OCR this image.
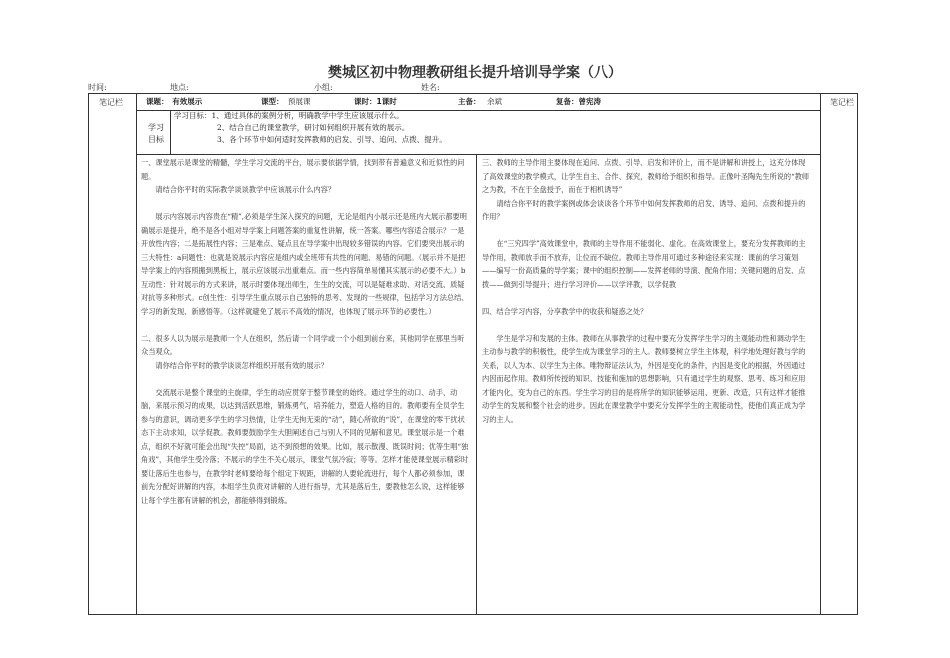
樊城区初中物理教研组长提升培训导学案（八）
时间:	地点:	小组:	姓名:
笔记栏	笔记栏
课题：　有效展示	课型： 预展课	课时：1课时	主备： 余斌	复备：曾宪涛
学习目标
学习目标：1、通过具体的案例分析，明确教学中学生应该展示什么。
2、结合自己的课堂教学，研讨如何组织开展有效的展示。
3、各个环节中如何适时发挥教师的启发、引导、追问、点拨、提升。

一、课堂展示是课堂的精髓，学生学习交流的平台，展示要依据学情，找到带有普遍意义和近似性的问题。

请结合你平时的实际教学谈谈教学中应该展示什么内容？

展示内容展示内容贵在“精”,必须是学生深入探究的问题，无论是组内小展示还是班内大展示都要明确展示是提升，绝不是各小组对导学案上问题答案的重复性讲解，统一答案。哪些内容适合展示？一是开放性内容；二是拓展性内容；三是难点、疑点且在导学案中出现较多错误的内容。它们要突出展示的三大特性：a问题性：也就是说展示内容应是组内或全班带有共性的问题、易错的问题。（展示并不是把导学案上的内容照搬到黑板上，展示应该展示出重难点。而一些内容简单易懂其实展示的必要不大。）b互动性：针对展示的方式来讲，展示时要体现出师生，生生的交流，可以是疑难求助、对话交流、质疑对抗等多种形式。c创生性：引导学生重点展示自己独特的思考、发现的一些规律，包括学习方法总结、学习的新发现、新感悟等。（这样就避免了展示不高效的情况，也体现了展示环节的必要性。）

二、很多人以为展示是教师一个人在组织，然后请一个同学或一个小组到前台来，其他同学在那里当听众当观众。

请你结合你平时的教学谈谈怎样组织开展有效的展示？

交流展示是整个课堂的主旋律，学生的动应贯穿于整节课堂的始终。通过学生的动口、动手、动脑，来展示预习的成果，以达到活跃思维，锻炼勇气，培养能力，塑造人格的目的。教师要有全员学生参与的意识，调动更多学生的学习热情，让学生无拘无束的“动”，随心所欲的“说”，在课堂的零干扰状态下主动求知，以学促教。教师要鼓励学生大胆阐述自己与别人不同的见解和意见。课堂展示是一个难点，组织不好就可能会出现“失控”局面，达不到预想的效果。比如，展示散漫、既误时间；优等生唱“独角戏”，其他学生受冷落；不展示的学生不关心展示，课堂气氛冷寂；等等。怎样才能使课堂展示精彩时要让落后生也参与，在教学时老师要给每个组定下规距，讲解的人要轮流进行，每个人都必须参加，课前先分配好讲解的内容，本组学生负责对讲解的人进行指导，尤其是落后生，要教他怎么说，这样能够让每个学生都有讲解的机会，都能够得到锻炼。

三、教师的主导作用主要体现在追问、点拨、引导、启发和评价上，而不是讲解和讲授上，这充分体现了高效课堂的教学模式，让学生自主、合作、探究，教师给予组织和指导。正像叶圣陶先生所说的“教师之为教，不在于全盘授予，而在于相机诱导”

请结合你平时的教学案例或体会谈谈各个环节中如何发挥教师的启发、诱导、追问、点拨和提升的作用？

在“三究四学”高效课堂中，教师的主导作用不能弱化、虚化。在高效课堂上，要充分发挥教师的主导作用，教师放手而不放弃，让位而不缺位。教师主导作用可通过多种途径来实现：课前的学习策划——编写一份高质量的导学案；课中的组织控制——发挥老师的导演、配角作用；关键问题的启发、点拨——做到引导提升；进行学习评价——以学评教，以学促教

四、结合学习内容，分享教学中的收获和疑惑之处？

学生是学习和发展的主体。教师在从事教学的过程中要充分发挥学生学习的主观能动性和调动学生主动参与教学的积极性，使学生成为课堂学习的主人。教师要树立学生主体观，科学地处理好教与学的关系，以人为本、以学生为主体。唯物辩证法认为，外因是变化的条件，内因是变化的根据，外因通过内因而起作用。教师所传授的知识、技能和施加的思想影响，只有通过学生的观察、思考、练习和应用才能内化，变为自己的东西。学生学习的目的是将所学的知识能够运用、更新、改造，只有这样才能推动学生的发展和整个社会的进步。因此在课堂教学中要充分发挥学生的主观能动性，使他们真正成为学习的主人。
